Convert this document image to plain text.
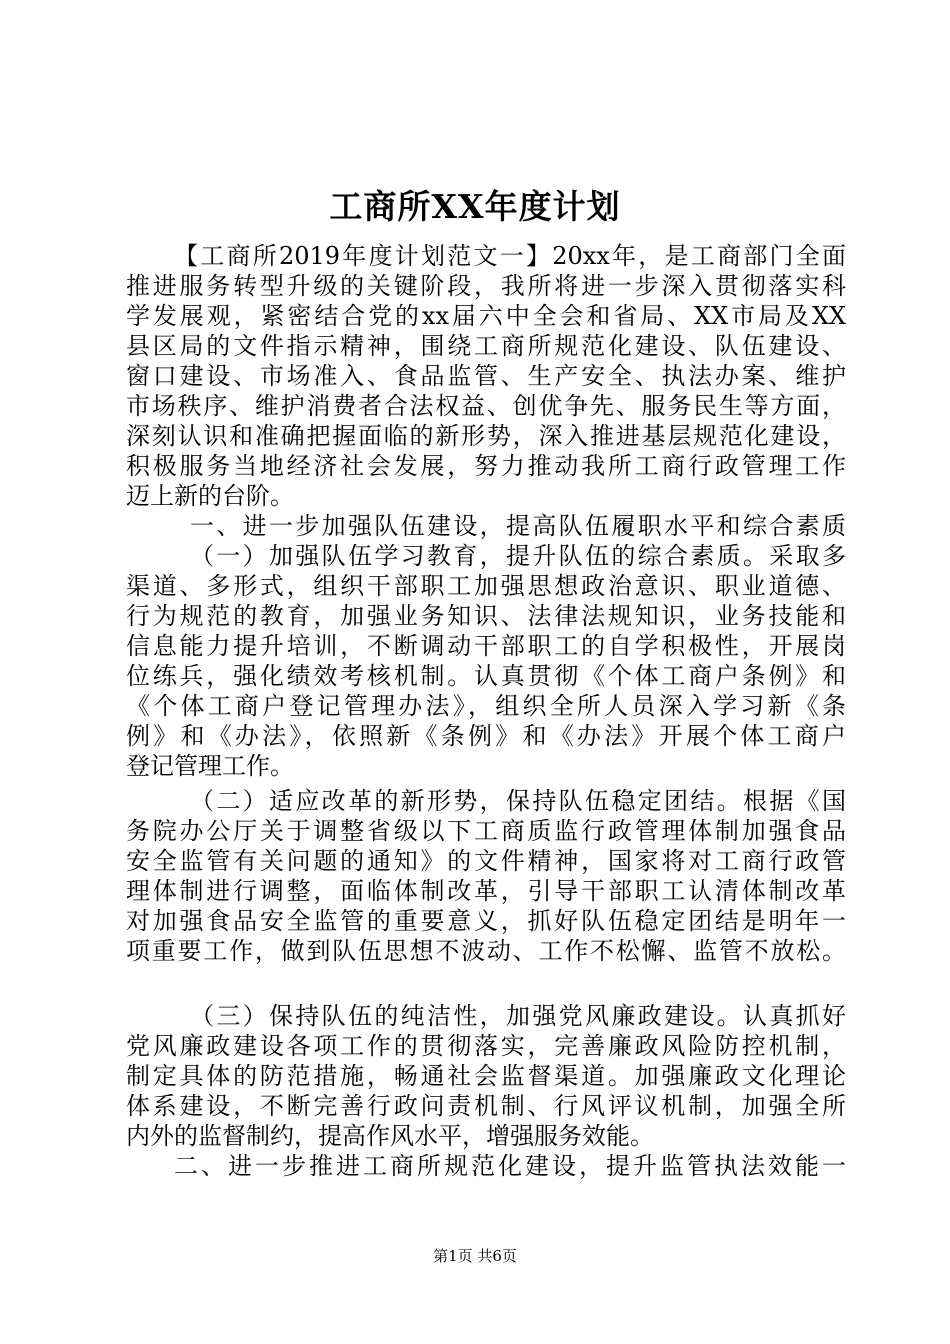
工商所XX年度计划

【工商所2019年度计划范文一】20xx年，是工商部门全面

推进服务转型升级的关键阶段，我所将进一步深入贯彻落实科

学发展观，紧密结合党的xx届六中全会和省局、XX市局及XX

县区局的文件指示精神，围绕工商所规范化建设、队伍建设、

窗口建设、市场准入、食品监管、生产安全、执法办案、维护

市场秩序、维护消费者合法权益、创优争先、服务民生等方面，

深刻认识和准确把握面临的新形势，深入推进基层规范化建设，

积极服务当地经济社会发展，努力推动我所工商行政管理工作

迈上新的台阶。

一、进一步加强队伍建设，提高队伍履职水平和综合素质

（一）加强队伍学习教育，提升队伍的综合素质。采取多

渠道、多形式，组织干部职工加强思想政治意识、职业道德、

行为规范的教育，加强业务知识、法律法规知识，业务技能和

信息能力提升培训，不断调动干部职工的自学积极性，开展岗

位练兵，强化绩效考核机制。认真贯彻《个体工商户条例》和

《个体工商户登记管理办法》，组织全所人员深入学习新《条

例》和《办法》，依照新《条例》和《办法》开展个体工商户

登记管理工作。

（二）适应改革的新形势，保持队伍稳定团结。根据《国

务院办公厅关于调整省级以下工商质监行政管理体制加强食品

安全监管有关问题的通知》的文件精神，国家将对工商行政管

理体制进行调整，面临体制改革，引导干部职工认清体制改革

对加强食品安全监管的重要意义，抓好队伍稳定团结是明年一

项重要工作，做到队伍思想不波动、工作不松懈、监管不放松。

（三）保持队伍的纯洁性，加强党风廉政建设。认真抓好

党风廉政建设各项工作的贯彻落实，完善廉政风险防控机制，

制定具体的防范措施，畅通社会监督渠道。加强廉政文化理论

体系建设，不断完善行政问责机制、行风评议机制，加强全所

内外的监督制约，提高作风水平，增强服务效能。

二、进一步推进工商所规范化建设，提升监管执法效能一

第1页 共6页
